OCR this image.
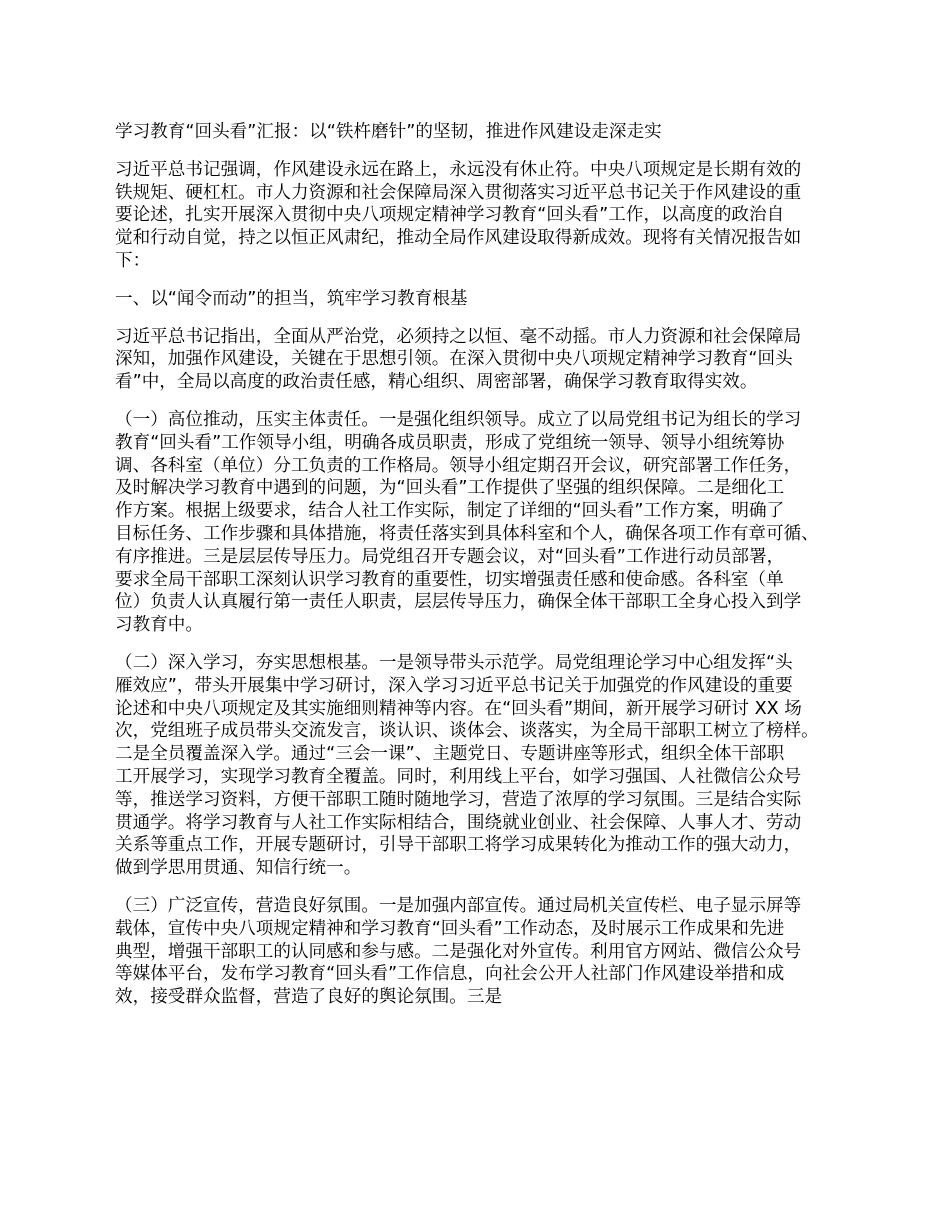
学习教育“回头看”汇报：以“铁杵磨针”的坚韧，推进作风建设走深走实
习近平总书记强调，作风建设永远在路上，永远没有休止符。中央八项规定是长期有效的
铁规矩、硬杠杠。市人力资源和社会保障局深入贯彻落实习近平总书记关于作风建设的重
要论述，扎实开展深入贯彻中央八项规定精神学习教育“回头看”工作，以高度的政治自
觉和行动自觉，持之以恒正风肃纪，推动全局作风建设取得新成效。现将有关情况报告如
下：
一、以“闻令而动”的担当，筑牢学习教育根基
习近平总书记指出，全面从严治党，必须持之以恒、毫不动摇。市人力资源和社会保障局
深知，加强作风建设，关键在于思想引领。在深入贯彻中央八项规定精神学习教育“回头
看”中，全局以高度的政治责任感，精心组织、周密部署，确保学习教育取得实效。
（一）高位推动，压实主体责任。一是强化组织领导。成立了以局党组书记为组长的学习
教育“回头看”工作领导小组，明确各成员职责，形成了党组统一领导、领导小组统筹协
调、各科室（单位）分工负责的工作格局。领导小组定期召开会议，研究部署工作任务，
及时解决学习教育中遇到的问题，为“回头看”工作提供了坚强的组织保障。二是细化工
作方案。根据上级要求，结合人社工作实际，制定了详细的“回头看”工作方案，明确了
目标任务、工作步骤和具体措施，将责任落实到具体科室和个人，确保各项工作有章可循、
有序推进。三是层层传导压力。局党组召开专题会议，对“回头看”工作进行动员部署，
要求全局干部职工深刻认识学习教育的重要性，切实增强责任感和使命感。各科室（单
位）负责人认真履行第一责任人职责，层层传导压力，确保全体干部职工全身心投入到学
习教育中。
（二）深入学习，夯实思想根基。一是领导带头示范学。局党组理论学习中心组发挥“头
雁效应”，带头开展集中学习研讨，深入学习习近平总书记关于加强党的作风建设的重要
论述和中央八项规定及其实施细则精神等内容。在“回头看”期间，新开展学习研讨 XX 场
次，党组班子成员带头交流发言，谈认识、谈体会、谈落实，为全局干部职工树立了榜样。
二是全员覆盖深入学。通过“三会一课”、主题党日、专题讲座等形式，组织全体干部职
工开展学习，实现学习教育全覆盖。同时，利用线上平台，如学习强国、人社微信公众号
等，推送学习资料，方便干部职工随时随地学习，营造了浓厚的学习氛围。三是结合实际
贯通学。将学习教育与人社工作实际相结合，围绕就业创业、社会保障、人事人才、劳动
关系等重点工作，开展专题研讨，引导干部职工将学习成果转化为推动工作的强大动力，
做到学思用贯通、知信行统一。
（三）广泛宣传，营造良好氛围。一是加强内部宣传。通过局机关宣传栏、电子显示屏等
载体，宣传中央八项规定精神和学习教育“回头看”工作动态，及时展示工作成果和先进
典型，增强干部职工的认同感和参与感。二是强化对外宣传。利用官方网站、微信公众号
等媒体平台，发布学习教育“回头看”工作信息，向社会公开人社部门作风建设举措和成
效，接受群众监督，营造了良好的舆论氛围。三是
